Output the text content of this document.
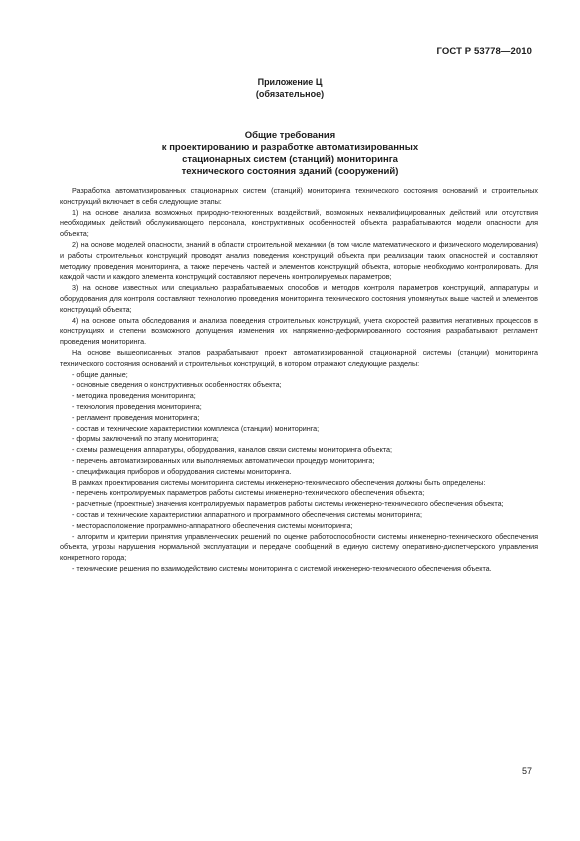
ГОСТ Р 53778—2010
Приложение Ц
(обязательное)
Общие требования
к проектированию и разработке автоматизированных
стационарных систем (станций) мониторинга
технического состояния зданий (сооружений)

Разработка автоматизированных стационарных систем (станций) мониторинга технического состояния оснований и строительных конструкций включает в себя следующие этапы:

1) на основе анализа возможных природно-техногенных воздействий, возможных неквалифицированных действий или отсутствия необходимых действий обслуживающего персонала, конструктивных особенностей объекта разрабатываются модели опасности для объекта;

2) на основе моделей опасности, знаний в области строительной механики (в том числе математического и физического моделирования) и работы строительных конструкций проводят анализ поведения конструкций объекта при реализации таких опасностей и составляют методику проведения мониторинга, а также перечень частей и элементов конструкций объекта, которые необходимо контролировать. Для каждой части и каждого элемента конструкций составляют перечень контролируемых параметров;

3) на основе известных или специально разрабатываемых способов и методов контроля параметров конструкций, аппаратуры и оборудования для контроля составляют технологию проведения мониторинга технического состояния упомянутых выше частей и элементов конструкций объекта;

4) на основе опыта обследования и анализа поведения строительных конструкций, учета скоростей развития негативных процессов в конструкциях и степени возможного допущения изменения их напряженно-деформированного состояния разрабатывают регламент проведения мониторинга.

На основе вышеописанных этапов разрабатывают проект автоматизированной стационарной системы (станции) мониторинга технического состояния оснований и строительных конструкций, в котором отражают следующие разделы:

- общие данные;

- основные сведения о конструктивных особенностях объекта;

- методика проведения мониторинга;

- технология проведения мониторинга;

- регламент проведения мониторинга;

- состав и технические характеристики комплекса (станции) мониторинга;

- формы заключений по этапу мониторинга;

- схемы размещения аппаратуры, оборудования, каналов связи системы мониторинга объекта;

- перечень автоматизированных или выполняемых автоматически процедур мониторинга;

- спецификация приборов и оборудования системы мониторинга.

В рамках проектирования системы мониторинга системы инженерно-технического обеспечения должны быть определены:

- перечень контролируемых параметров работы системы инженерно-технического обеспечения объекта;

- расчетные (проектные) значения контролируемых параметров работы системы инженерно-технического обеспечения объекта;

- состав и технические характеристики аппаратного и программного обеспечения системы мониторинга;

- месторасположение программно-аппаратного обеспечения системы мониторинга;

- алгоритм и критерии принятия управленческих решений по оценке работоспособности системы инженерно-технического обеспечения объекта, угрозы нарушения нормальной эксплуатации и передаче сообщений в единую систему оперативно-диспетчерского управления конкретного города;

- технические решения по взаимодействию системы мониторинга с системой инженерно-технического обеспечения объекта.

57
